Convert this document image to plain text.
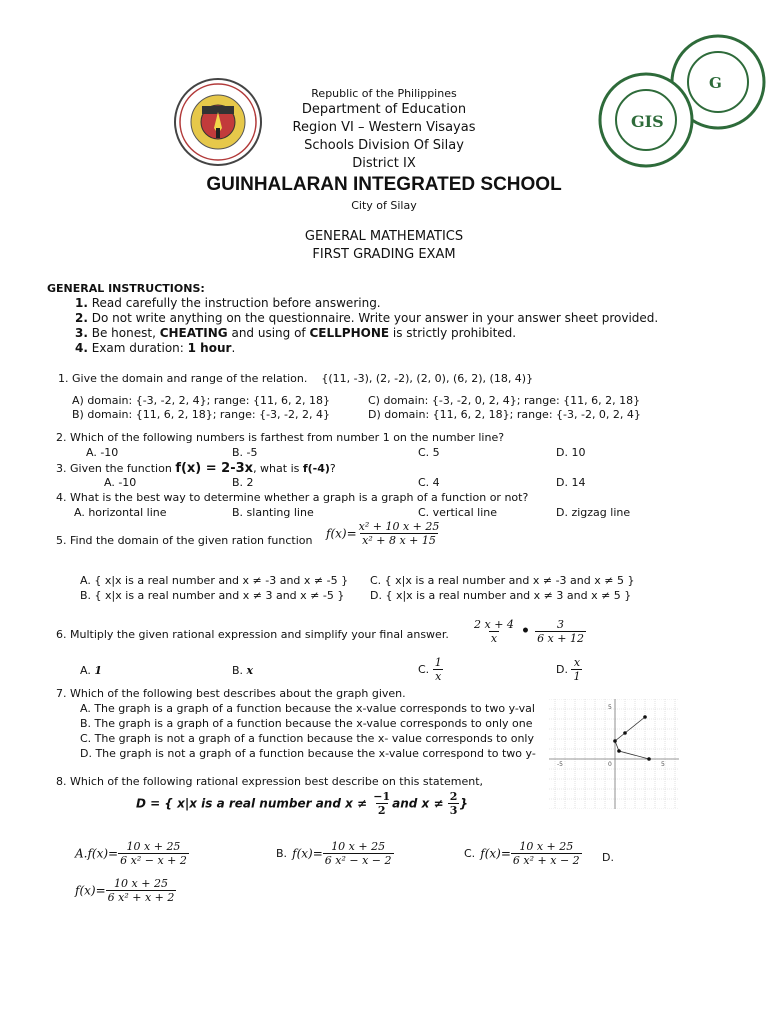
G
GIS
Republic of the Philippines
Department of Education
Region VI – Western Visayas
Schools Division Of Silay
District IX
GUINHALARAN INTEGRATED SCHOOL
City of Silay
GENERAL MATHEMATICS
FIRST GRADING EXAM
GENERAL INSTRUCTIONS:
1. Read carefully the instruction before answering.
2. Do not write anything on the questionnaire. Write your answer in your answer sheet provided.
3. Be honest, CHEATING and using of CELLPHONE is strictly prohibited.
4. Exam duration: 1 hour.
1. Give the domain and range of the relation. {(11, -3), (2, -2), (2, 0), (6, 2), (18, 4)}
A) domain: {-3, -2, 2, 4}; range: {11, 6, 2, 18}	C) domain: {-3, -2, 0, 2, 4}; range: {11, 6, 2, 18}
B) domain: {11, 6, 2, 18}; range: {-3, -2, 2, 4}	D) domain: {11, 6, 2, 18}; range: {-3, -2, 0, 2, 4}
2. Which of the following numbers is farthest from number 1 on the number line?
A. -10	B. -5	C. 5	D. 10
3. Given the function f(x) = 2-3x, what is f(-4)?
A. -10	B. 2	C. 4	D. 14
4. What is the best way to determine whether a graph is a graph of a function or not?
A. horizontal line	B. slanting line	C. vertical line	D. zigzag line
5. Find the domain of the given ration function $f(x)= \frac{\text{x² + 10 x + 25}}{\text{x² + 8 x + 15}}$
A. { x|x is a real number and x ≠ -3 and x ≠ -5 } C. { x|x is a real number and x ≠ -3 and x ≠ 5 }
B. { x|x is a real number and x ≠ 3 and x ≠ -5 } D. { x|x is a real number and x ≠ 3 and x ≠ 5 }
6. Multiply the given rational expression and simplify your final answer. $\frac{2 x + 4}{x}$ • $\frac{3}{6 x + 12}$
A. 1	B. x	C. $\frac{1}{x}$	D. $\frac{x}{1}$
7. Which of the following best describes about the graph given.
A. The graph is a graph of a function because the x-value corresponds to two y-val
B. The graph is a graph of a function because the x-value corresponds to only one
C. The graph is not a graph of a function because the x- value corresponds to only
D. The graph is not a graph of a function because the x-value correspond to two y-
5
-5	0	5
8. Which of the following rational expression best describe on this statement,
D = { x|x is a real number and $x \ne \frac{-1}{2}$ and $x \ne \frac{2}{3}$ }
$A.f(x)= \frac{10 x + 25}{\text{6 x² − x + 2}}$	B. $f(x)= \frac{10 x + 25}{\text{6 x² − x − 2}}$	C. $f(x)= \frac{10 x + 25}{\text{6 x² + x − 2}} D$.
$f(x)= \frac{10 x + 25}{\text{6 x² + x + 2}}$
